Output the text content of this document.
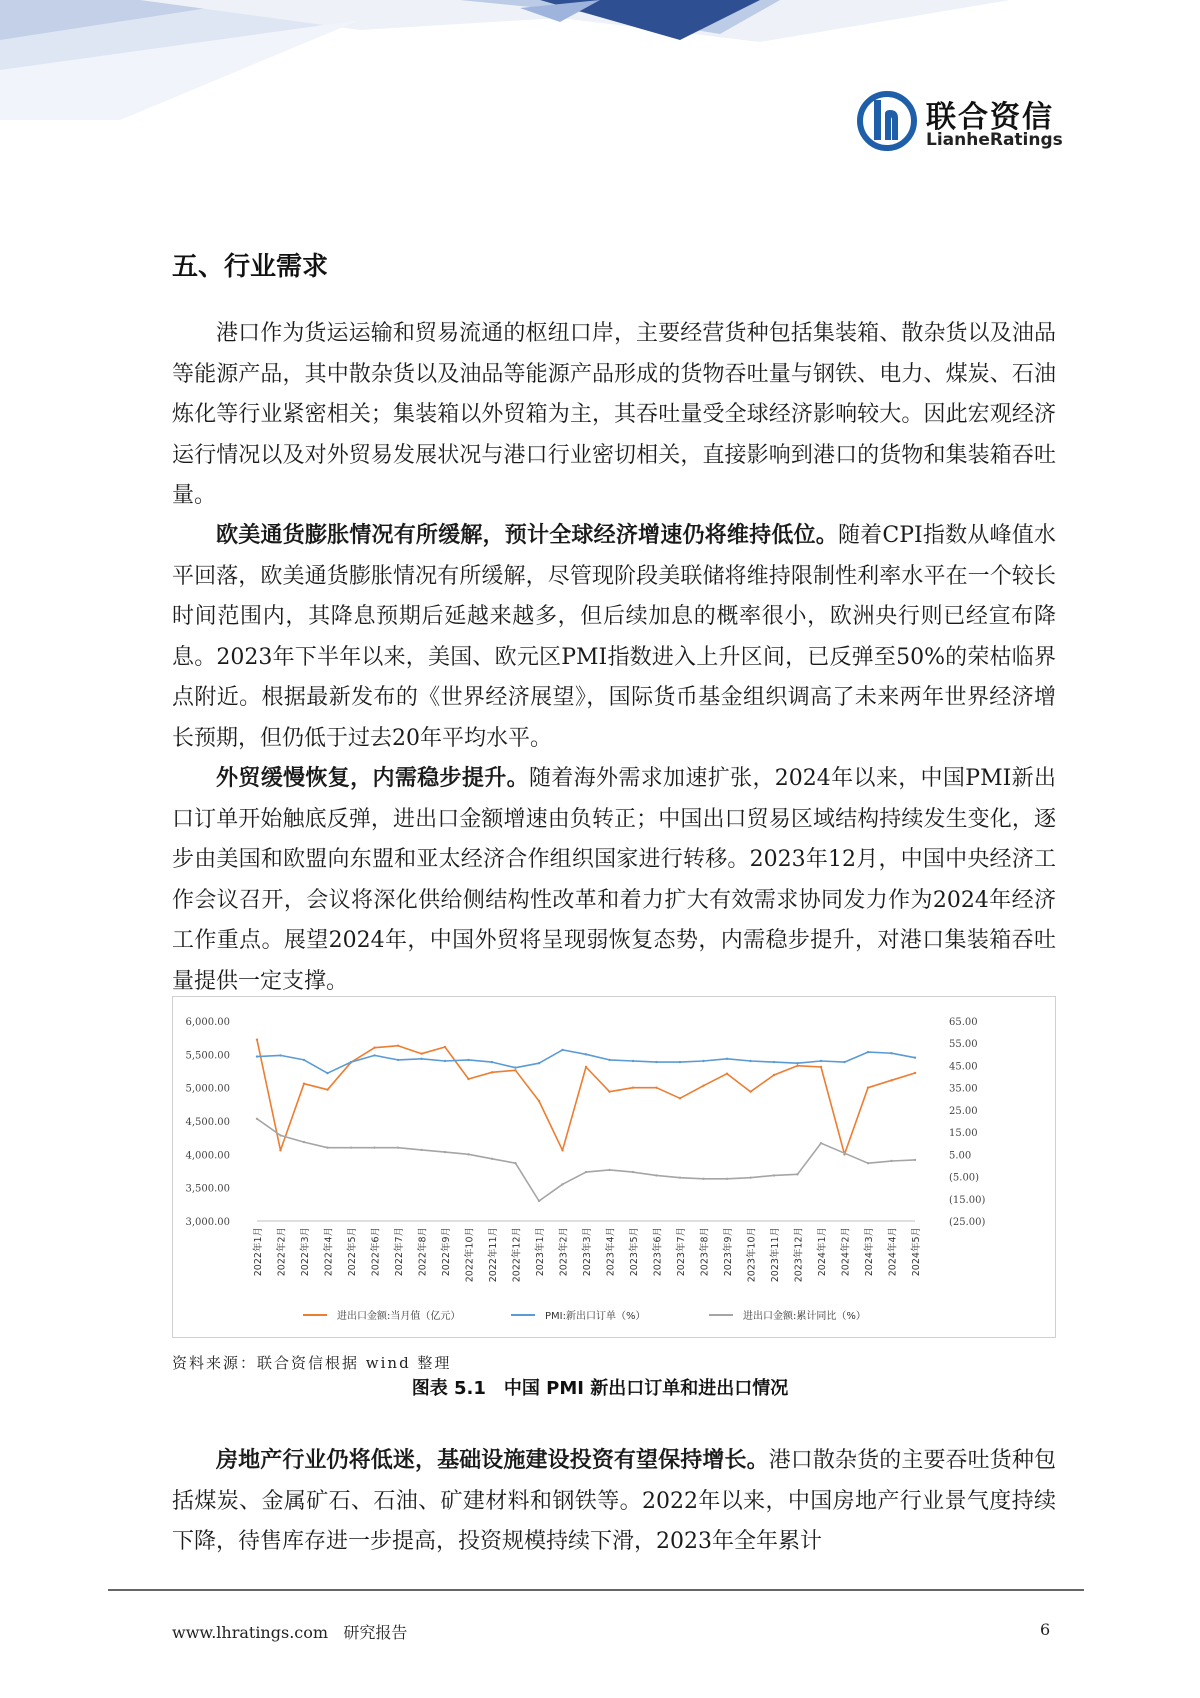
联合资信
LianheRatings
五、行业需求

港口作为货运运输和贸易流通的枢纽口岸，主要经营货种包括集装箱、散杂货以及油品等能源产品，其中散杂货以及油品等能源产品形成的货物吞吐量与钢铁、电力、煤炭、石油炼化等行业紧密相关；集装箱以外贸箱为主，其吞吐量受全球经济影响较大。因此宏观经济运行情况以及对外贸易发展状况与港口行业密切相关，直接影响到港口的货物和集装箱吞吐量。

欧美通货膨胀情况有所缓解，预计全球经济增速仍将维持低位。随着CPI指数从峰值水平回落，欧美通货膨胀情况有所缓解，尽管现阶段美联储将维持限制性利率水平在一个较长时间范围内，其降息预期后延越来越多，但后续加息的概率很小，欧洲央行则已经宣布降息。2023年下半年以来，美国、欧元区PMI指数进入上升区间，已反弹至50%的荣枯临界点附近。根据最新发布的《世界经济展望》，国际货币基金组织调高了未来两年世界经济增长预期，但仍低于过去20年平均水平。

外贸缓慢恢复，内需稳步提升。随着海外需求加速扩张，2024年以来，中国PMI新出口订单开始触底反弹，进出口金额增速由负转正；中国出口贸易区域结构持续发生变化，逐步由美国和欧盟向东盟和亚太经济合作组织国家进行转移。2023年12月，中国中央经济工作会议召开，会议将深化供给侧结构性改革和着力扩大有效需求协同发力作为2024年经济工作重点。展望2024年，中国外贸将呈现弱恢复态势，内需稳步提升，对港口集装箱吞吐量提供一定支撑。

6,000.00
5,500.00
5,000.00
4,500.00
4,000.00
3,500.00
3,000.00
65.00
55.00
45.00
35.00
25.00
15.00
5.00
(5.00)
(15.00)
(25.00)
2022年1月 2022年2月 2022年3月 2022年4月 2022年5月 2022年6月 2022年7月 2022年8月 2022年9月 2022年10月 2022年11月 2022年12月 2023年1月 2023年2月 2023年3月 2023年4月 2023年5月 2023年6月 2023年7月 2023年8月 2023年9月 2023年10月 2023年11月 2023年12月 2024年1月 2024年2月 2024年3月 2024年4月 2024年5月
进出口金额:当月值（亿元）	PMI:新出口订单（%）	进出口金额:累计同比（%）

资料来源：联合资信根据 wind 整理

图表 5.1　中国 PMI 新出口订单和进出口情况

房地产行业仍将低迷，基础设施建设投资有望保持增长。港口散杂货的主要吞吐货种包括煤炭、金属矿石、石油、矿建材料和钢铁等。2022年以来，中国房地产行业景气度持续下降，待售库存进一步提高，投资规模持续下滑，2023年全年累计

www.lhratings.com 研究报告	6
